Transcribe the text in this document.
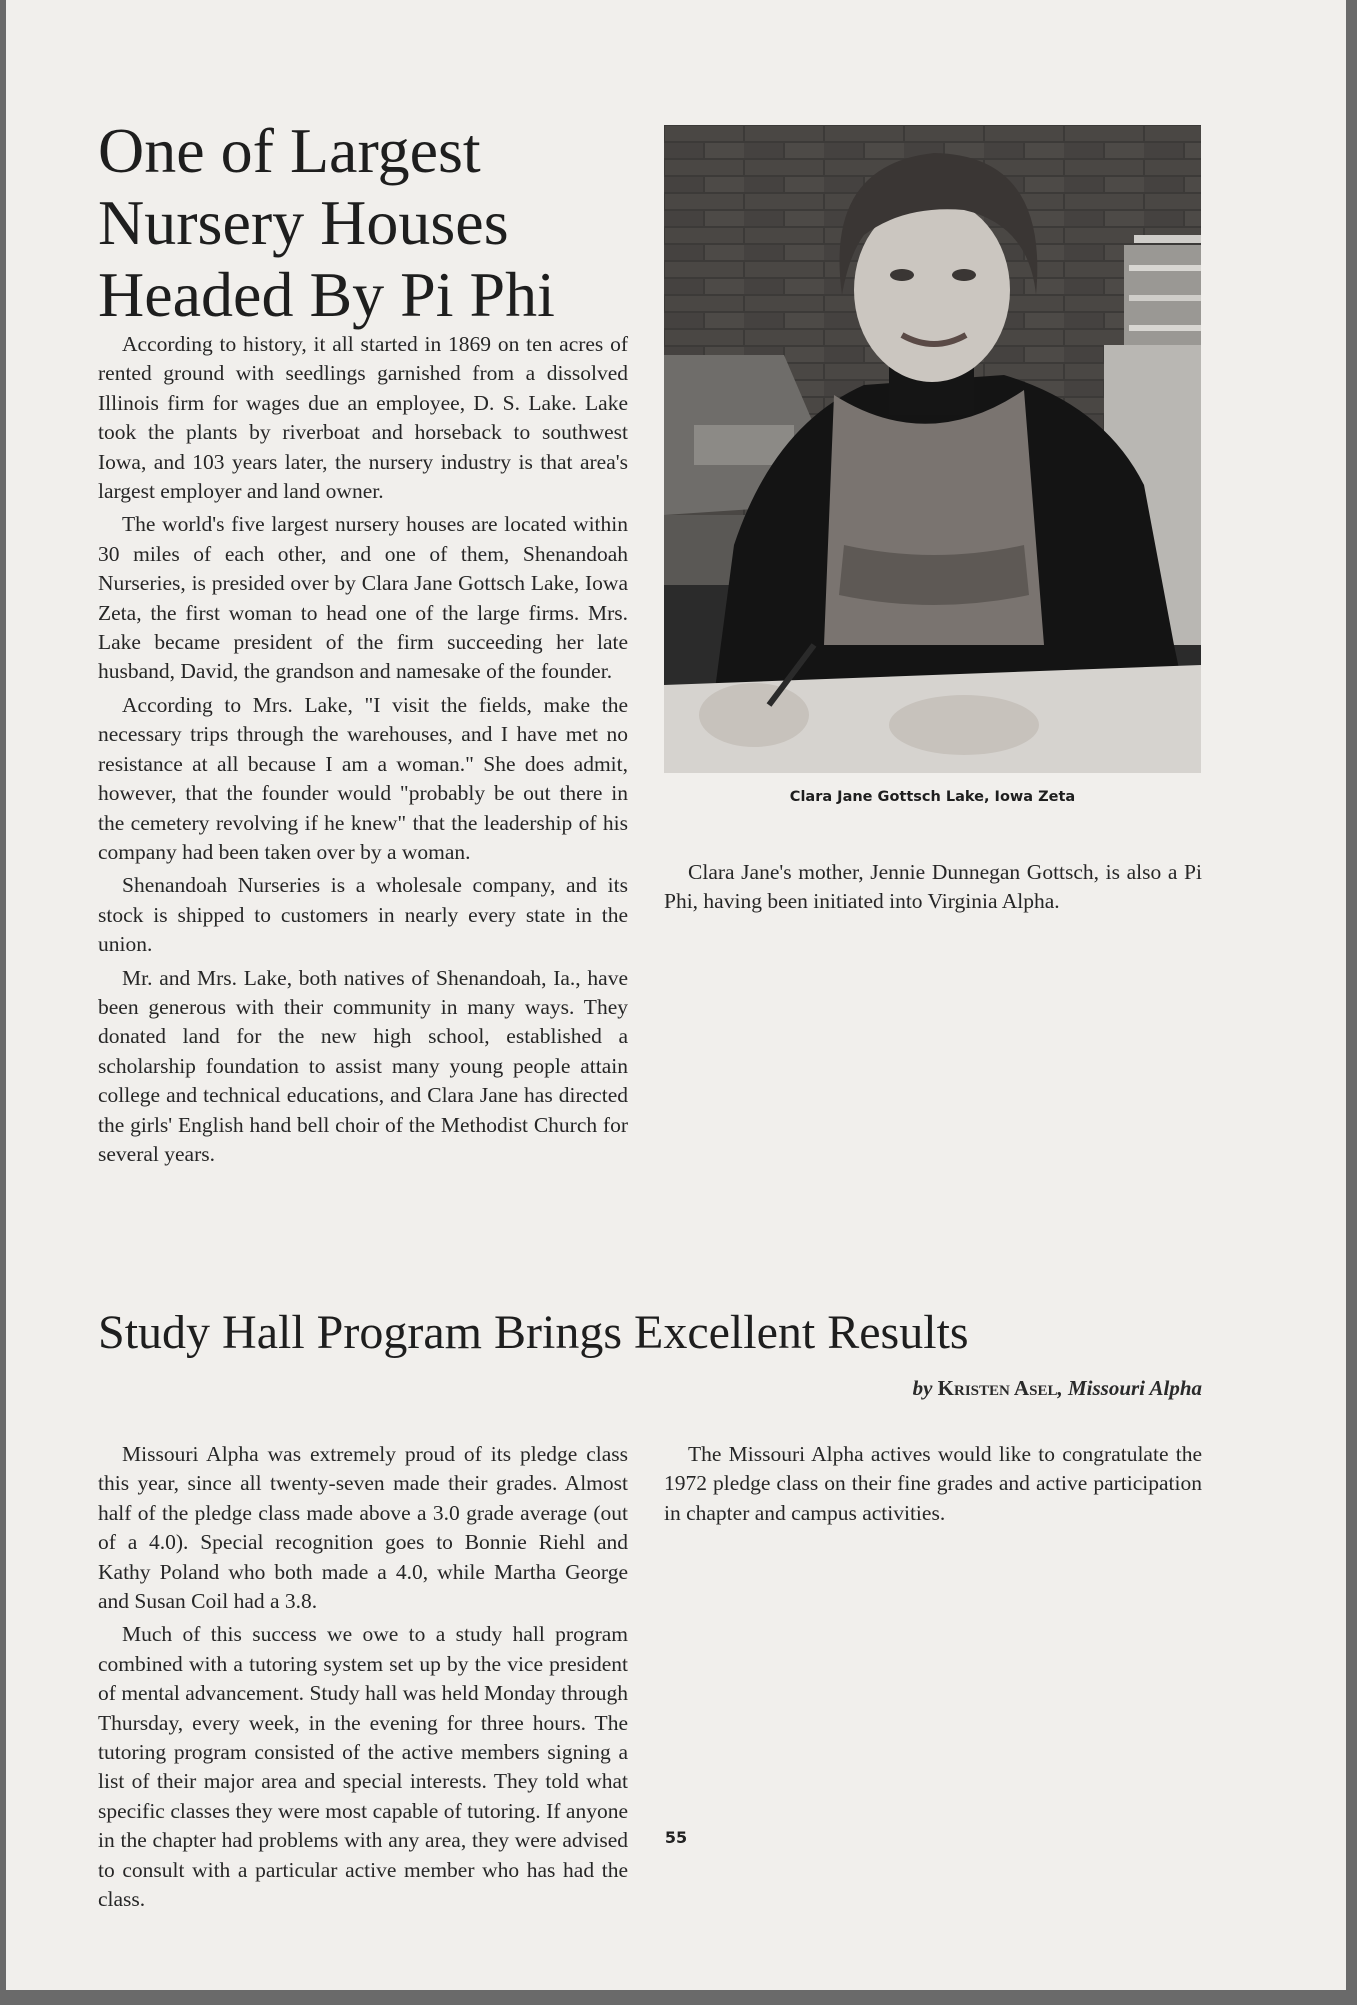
One of Largest Nursery Houses Headed By Pi Phi

According to history, it all started in 1869 on ten acres of rented ground with seedlings garnished from a dissolved Illinois firm for wages due an employee, D. S. Lake. Lake took the plants by riverboat and horseback to southwest Iowa, and 103 years later, the nursery industry is that area's largest employer and land owner.

The world's five largest nursery houses are located within 30 miles of each other, and one of them, Shenandoah Nurseries, is presided over by Clara Jane Gottsch Lake, Iowa Zeta, the first woman to head one of the large firms. Mrs. Lake became president of the firm succeeding her late husband, David, the grandson and namesake of the founder.

According to Mrs. Lake, "I visit the fields, make the necessary trips through the warehouses, and I have met no resistance at all because I am a woman." She does admit, however, that the founder would "probably be out there in the cemetery revolving if he knew" that the leadership of his company had been taken over by a woman.

Shenandoah Nurseries is a wholesale company, and its stock is shipped to customers in nearly every state in the union.

Mr. and Mrs. Lake, both natives of Shenandoah, Ia., have been generous with their community in many ways. They donated land for the new high school, established a scholarship foundation to assist many young people attain college and technical educations, and Clara Jane has directed the girls' English hand bell choir of the Methodist Church for several years.

Clara Jane Gottsch Lake, Iowa Zeta

Clara Jane's mother, Jennie Dunnegan Gottsch, is also a Pi Phi, having been initiated into Virginia Alpha.

Study Hall Program Brings Excellent Results
by Kristen Asel, Missouri Alpha

Missouri Alpha was extremely proud of its pledge class this year, since all twenty-seven made their grades. Almost half of the pledge class made above a 3.0 grade average (out of a 4.0). Special recognition goes to Bonnie Riehl and Kathy Poland who both made a 4.0, while Martha George and Susan Coil had a 3.8.

Much of this success we owe to a study hall program combined with a tutoring system set up by the vice president of mental advancement. Study hall was held Monday through Thursday, every week, in the evening for three hours. The tutoring program consisted of the active members signing a list of their major area and special interests. They told what specific classes they were most capable of tutoring. If anyone in the chapter had problems with any area, they were advised to consult with a particular active member who has had the class.

The Missouri Alpha actives would like to congratulate the 1972 pledge class on their fine grades and active participation in chapter and campus activities.

55
